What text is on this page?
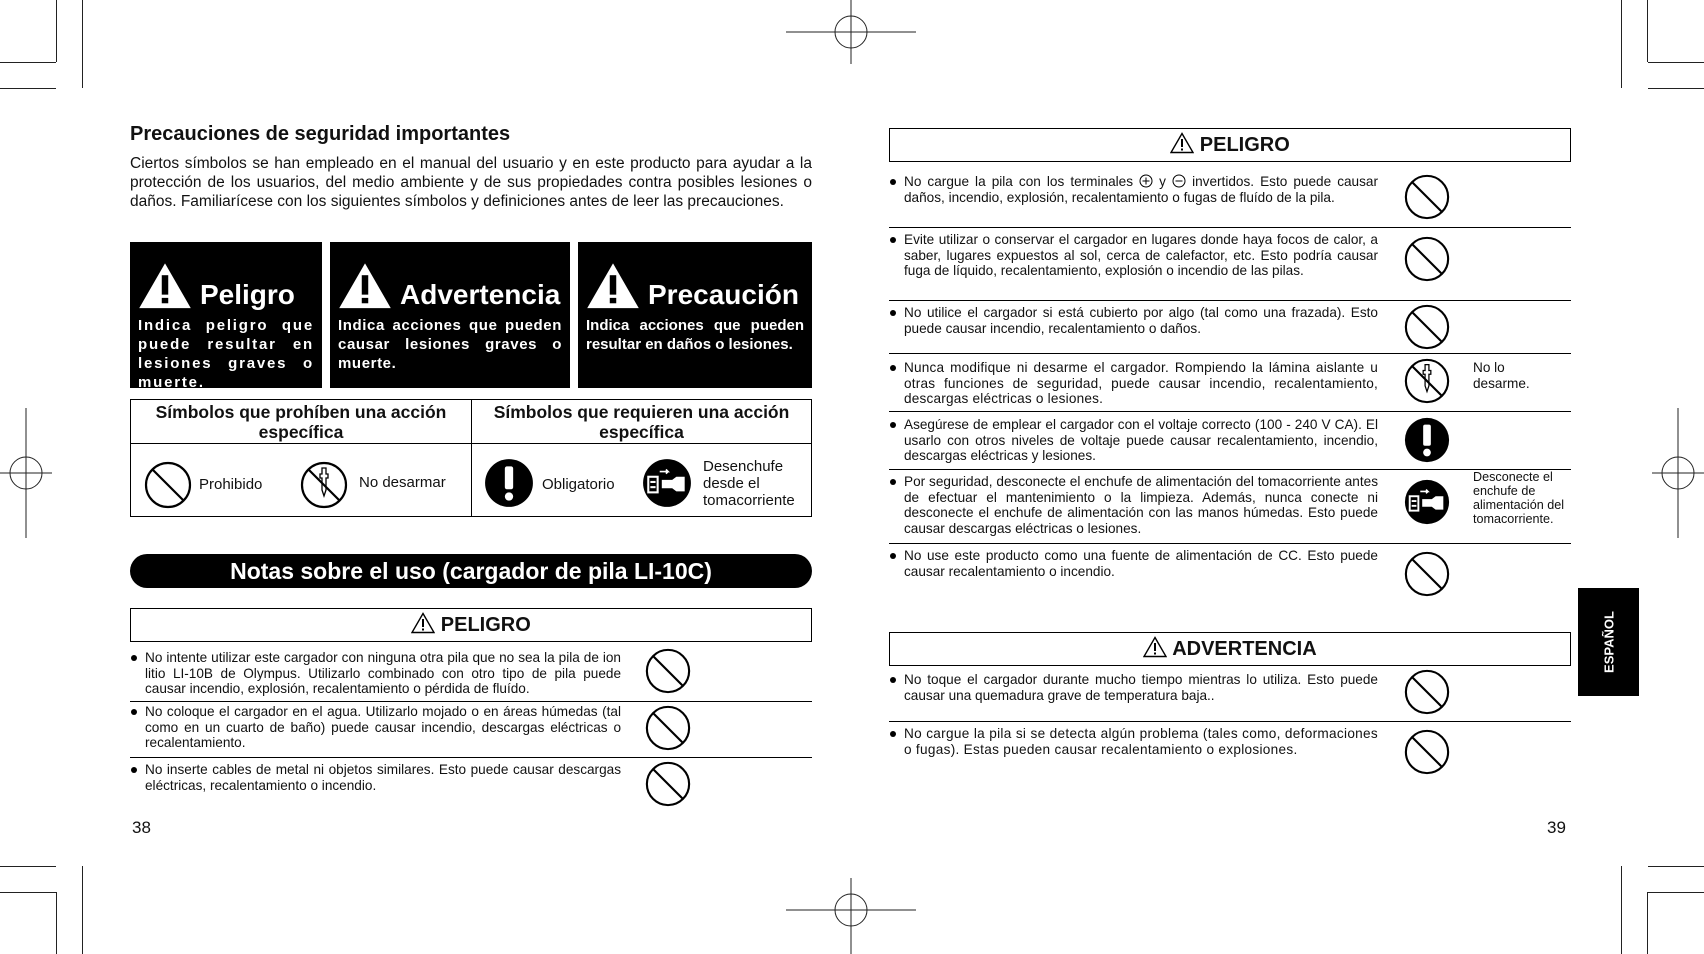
Precauciones de seguridad importantes
Ciertos símbolos se han empleado en el manual del usuario y en este producto para ayudar a la protección de los usuarios, del medio ambiente y de sus propiedades contra posibles lesiones o daños. Familiarícese con los siguientes símbolos y definiciones antes de leer las precauciones.
Peligro
Indica peligro que puede resultar en lesiones graves o muerte.
Advertencia
Indica acciones que pueden causar lesiones graves o muerte.
Precaución
Indica acciones que pueden resultar en daños o lesiones.
Símbolos que prohíben una acción específica
Símbolos que requieren una acción específica
Prohibido	No desarmar	Obligatorio
Desenchufe desde el tomacorriente
Notas sobre el uso (cargador de pila LI-10C)
PELIGRO
No intente utilizar este cargador con ninguna otra pila que no sea la pila de ion litio LI-10B de Olympus. Utilizarlo combinado con otro tipo de pila puede causar incendio, explosión, recalentamiento o pérdida de fluído.
No coloque el cargador en el agua. Utilizarlo mojado o en áreas húmedas (tal como en un cuarto de baño) puede causar incendio, descargas eléctricas o recalentamiento.
No inserte cables de metal ni objetos similares. Esto puede causar descargas eléctricas, recalentamiento o incendio.
38
PELIGRO
No cargue la pila con los terminales  y  invertidos. Esto puede causar daños, incendio, explosión, recalentamiento o fugas de fluído de la pila.
Evite utilizar o conservar el cargador en lugares donde haya focos de calor, a saber, lugares expuestos al sol, cerca de calefactor, etc. Esto podría causar fuga de líquido, recalentamiento, explosión o incendio de las pilas.
No utilice el cargador si está cubierto por algo (tal como una frazada). Esto puede causar incendio, recalentamiento o daños.
Nunca modifique ni desarme el cargador. Rompiendo la lámina aislante u otras funciones de seguridad, puede causar incendio, recalentamiento, descargas eléctricas o lesiones.
No lo desarme.
Asegúrese de emplear el cargador con el voltaje correcto (100 - 240 V CA). El usarlo con otros niveles de voltaje puede causar recalentamiento, incendio, descargas eléctricas y lesiones.
Por seguridad, desconecte el enchufe de alimentación del tomacorriente antes de efectuar el mantenimiento o la limpieza. Además, nunca conecte ni desconecte el enchufe de alimentación con las manos húmedas. Esto puede causar descargas eléctricas o lesiones.
Desconecte el enchufe de alimentación del tomacorriente.
No use este producto como una fuente de alimentación de CC. Esto puede causar recalentamiento o incendio.
ADVERTENCIA
No toque el cargador durante mucho tiempo mientras lo utiliza. Esto puede causar una quemadura grave de temperatura baja..
No cargue la pila si se detecta algún problema (tales como, deformaciones o fugas). Estas pueden causar recalentamiento o explosiones.
39
ESPAÑOL
